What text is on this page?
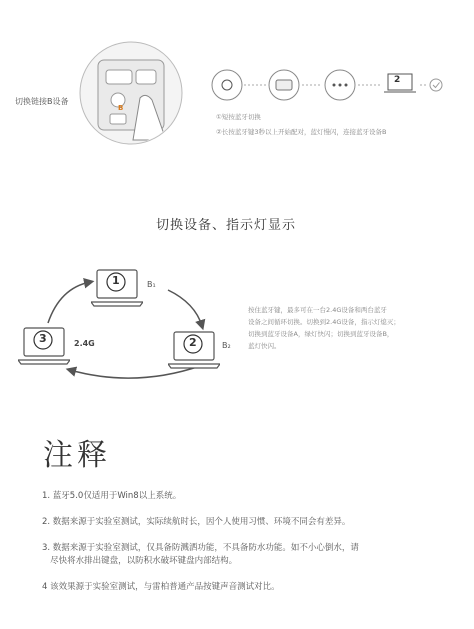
切换链接B设备
B
2
①短按蓝牙切换
②长按蓝牙键3秒以上开始配对，蓝灯慢闪，连接蓝牙设备B
切换设备、指示灯显示
1	B₁
2	B₂
3	2.4G
按住蓝牙键，最多可在一台2.4G设备和两台蓝牙
设备之间循环切换。切换到2.4G设备，指示灯熄灭；
切换到蓝牙设备A，绿灯快闪；切换到蓝牙设备B，
蓝灯快闪。
注释
1. 蓝牙5.0仅适用于Win8以上系统。
2. 数据来源于实验室测试，实际续航时长，因个人使用习惯、环境不同会有差异。
3. 数据来源于实验室测试，仅具备防溅洒功能，不具备防水功能。如不小心倒水，请
尽快将水排出键盘，以防积水破坏键盘内部结构。
4 该效果源于实验室测试，与雷柏普通产品按键声音测试对比。
